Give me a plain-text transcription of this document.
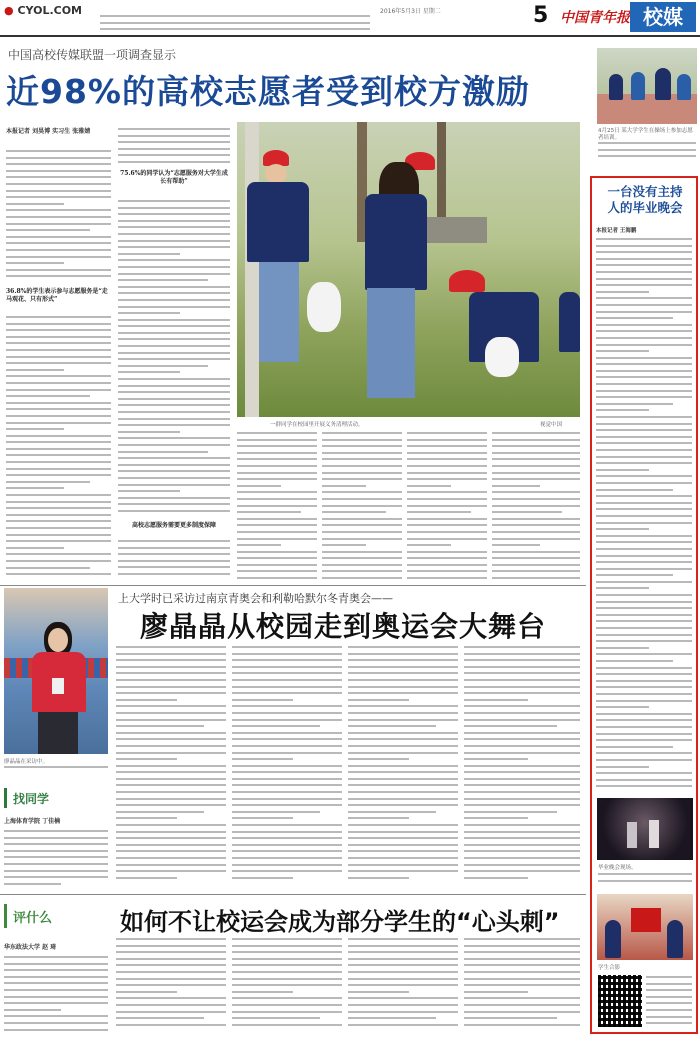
● CYOL.COM	2016年5月3日 星期二	5 中国青年报 校媒
中国高校传媒联盟一项调查显示
近98%的高校志愿者受到校方激励
本报记者 刘昊博 实习生 张雅婧
36.8%的学生表示参与志愿服务是“走马观花、只有形式”
75.6%的同学认为“志愿服务对大学生成长有帮助”
高校志愿服务需要更多制度保障
一群同学在校园里开展义务清理活动。	视觉中国
4月25日 某大学学生在操场上参加志愿者培训。
一台没有主持人的毕业晚会
本报记者 王海鹏
毕业晚会现场。
学生合影
上大学时已采访过南京青奥会和利勒哈默尔冬青奥会——
廖晶晶从校园走到奥运会大舞台
廖晶晶在采访中。
找同学
上海体育学院 丁佳楠
评什么	如何不让校运会成为部分学生的“心头刺”
华东政法大学 赵 琦
